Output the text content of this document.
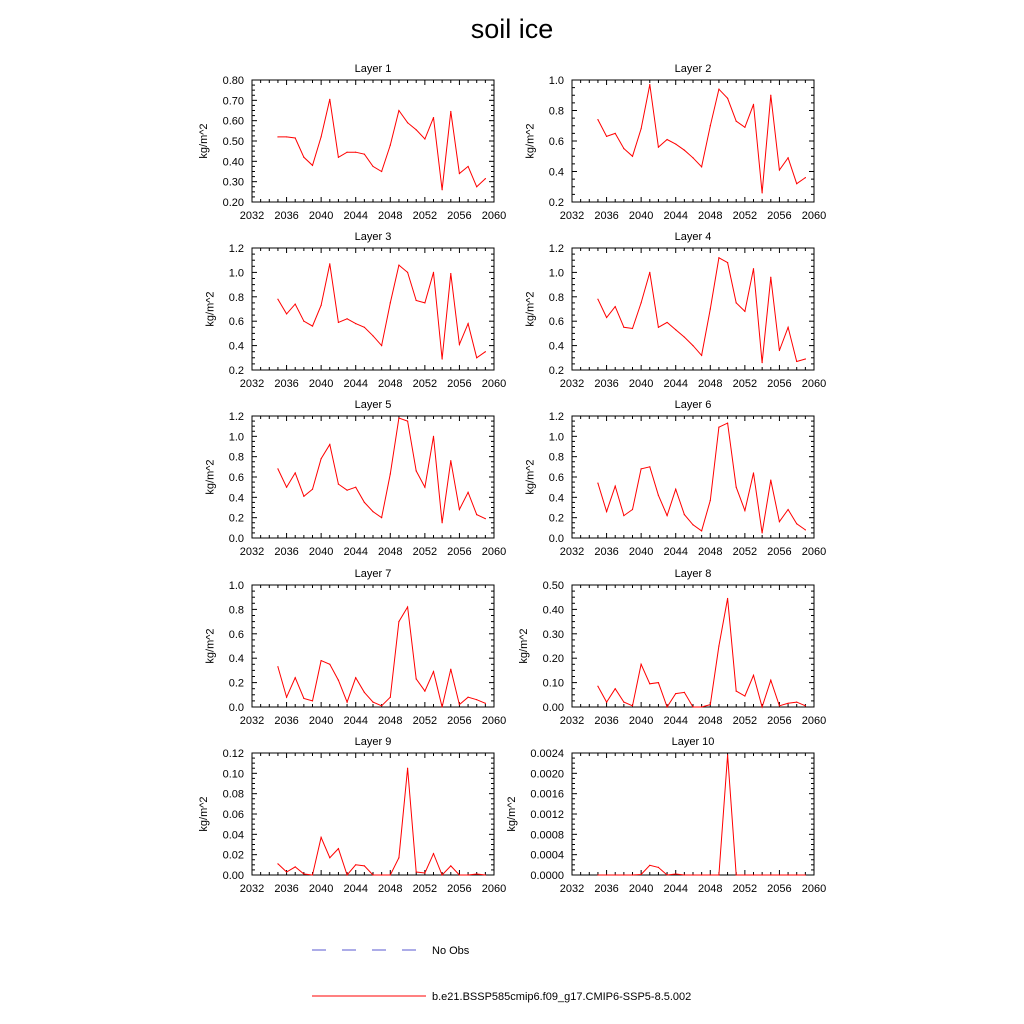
soil ice
2032 2036 2040 2044 2048 2052 2056 2060
0.20
0.30
0.40
0.50
0.60
0.70
0.80
kg/m^2
Layer 1
2032 2036 2040 2044 2048 2052 2056 2060
0.2
0.4
0.6
0.8
1.0
kg/m^2
Layer 2
2032 2036 2040 2044 2048 2052 2056 2060
0.2
0.4
0.6
0.8
1.0
1.2
kg/m^2
Layer 3
2032 2036 2040 2044 2048 2052 2056 2060
0.2
0.4
0.6
0.8
1.0
1.2
kg/m^2
Layer 4
2032 2036 2040 2044 2048 2052 2056 2060
0.0
0.2
0.4
0.6
0.8
1.0
1.2
kg/m^2
Layer 5
2032 2036 2040 2044 2048 2052 2056 2060
0.0
0.2
0.4
0.6
0.8
1.0
1.2
kg/m^2
Layer 6
2032 2036 2040 2044 2048 2052 2056 2060
0.0
0.2
0.4
0.6
0.8
1.0
kg/m^2
Layer 7
2032 2036 2040 2044 2048 2052 2056 2060
0.00
0.10
0.20
0.30
0.40
0.50
kg/m^2
Layer 8
2032 2036 2040 2044 2048 2052 2056 2060
0.00
0.02
0.04
0.06
0.08
0.10
0.12
kg/m^2
Layer 9
2032 2036 2040 2044 2048 2052 2056 2060
0.0000
0.0004
0.0008
0.0012
0.0016
0.0020
0.0024
kg/m^2
Layer 10
No Obs
b.e21.BSSP585cmip6.f09_g17.CMIP6-SSP5-8.5.002
